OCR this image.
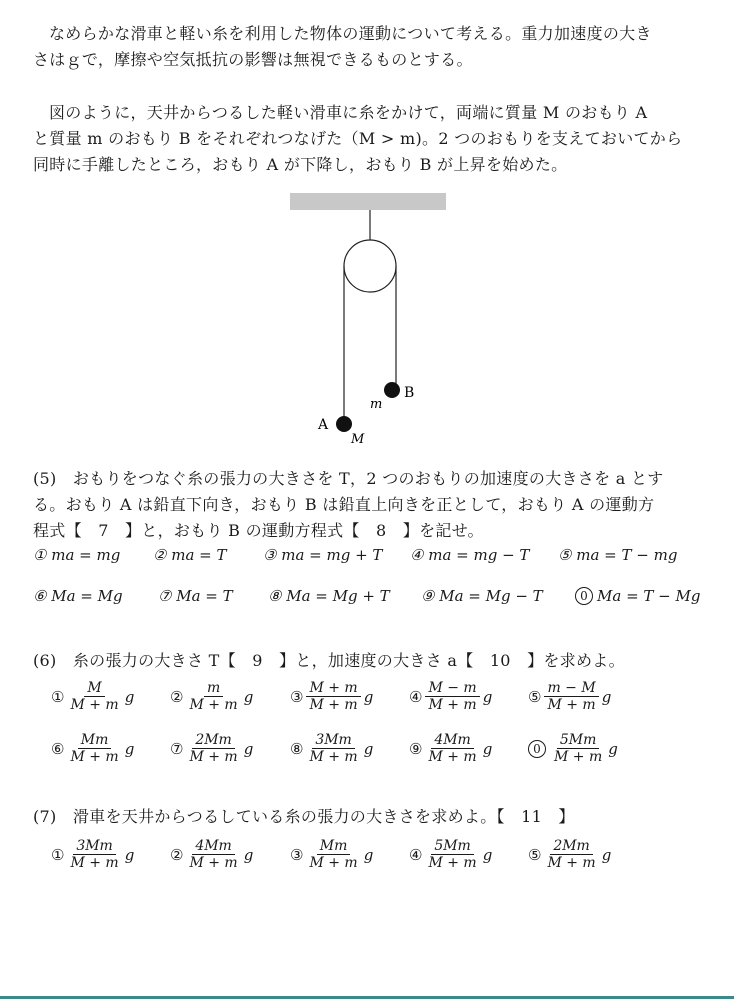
なめらかな滑車と軽い糸を利用した物体の運動について考える。重力加速度の大き

さはｇで，摩擦や空気抵抗の影響は無視できるものとする。

図のように，天井からつるした軽い滑車に糸をかけて，両端に質量 M のおもり A

と質量 m のおもり B をそれぞれつなげた（M > m)。2 つのおもりを支えておいてから

同時に手離したところ，おもり A が下降し，おもり B が上昇を始めた。

A
M
B
m

(5)　おもりをつなぐ糸の張力の大きさを T，2 つのおもりの加速度の大きさを a とす

る。おもり A は鉛直下向き，おもり B は鉛直上向きを正として，おもり A の運動方

程式【　7　】と，おもり B の運動方程式【　8　】を記せ。

① ma = mg ② ma = T ③ ma = mg + T ④ ma = mg − T ⑤ ma = T − mg
⑥ Ma = Mg ⑦ Ma = T ⑧ Ma = Mg + T ⑨ Ma = Mg − T	0 Ma = T − Mg

(6)　糸の張力の大きさ T【　9　】と，加速度の大きさ a【　10　】を求めよ。

① $\frac{M}{M + m}$ g ② $\frac{m}{M + m}$ g ③ $\frac{M + m}{M + m}$ g ④ $\frac{M - m}{M + m}$ g ⑤ $\frac{m - M}{M + m}$ g
⑥ $\frac{Mm}{M + m}$ g ⑦ $\frac{2Mm}{M + m}$ g ⑧ $\frac{3Mm}{M + m}$ g ⑨ $\frac{4Mm}{M + m}$ g	$0 \frac{5Mm}{M + m}$ g

(7)　滑車を天井からつるしている糸の張力の大きさを求めよ。【　11　】

① $\frac{3Mm}{M + m}$ g ② $\frac{4Mm}{M + m}$ g ③ $\frac{Mm}{M + m}$ g ④ $\frac{5Mm}{M + m}$ g ⑤ $\frac{2Mm}{M + m}$ g
